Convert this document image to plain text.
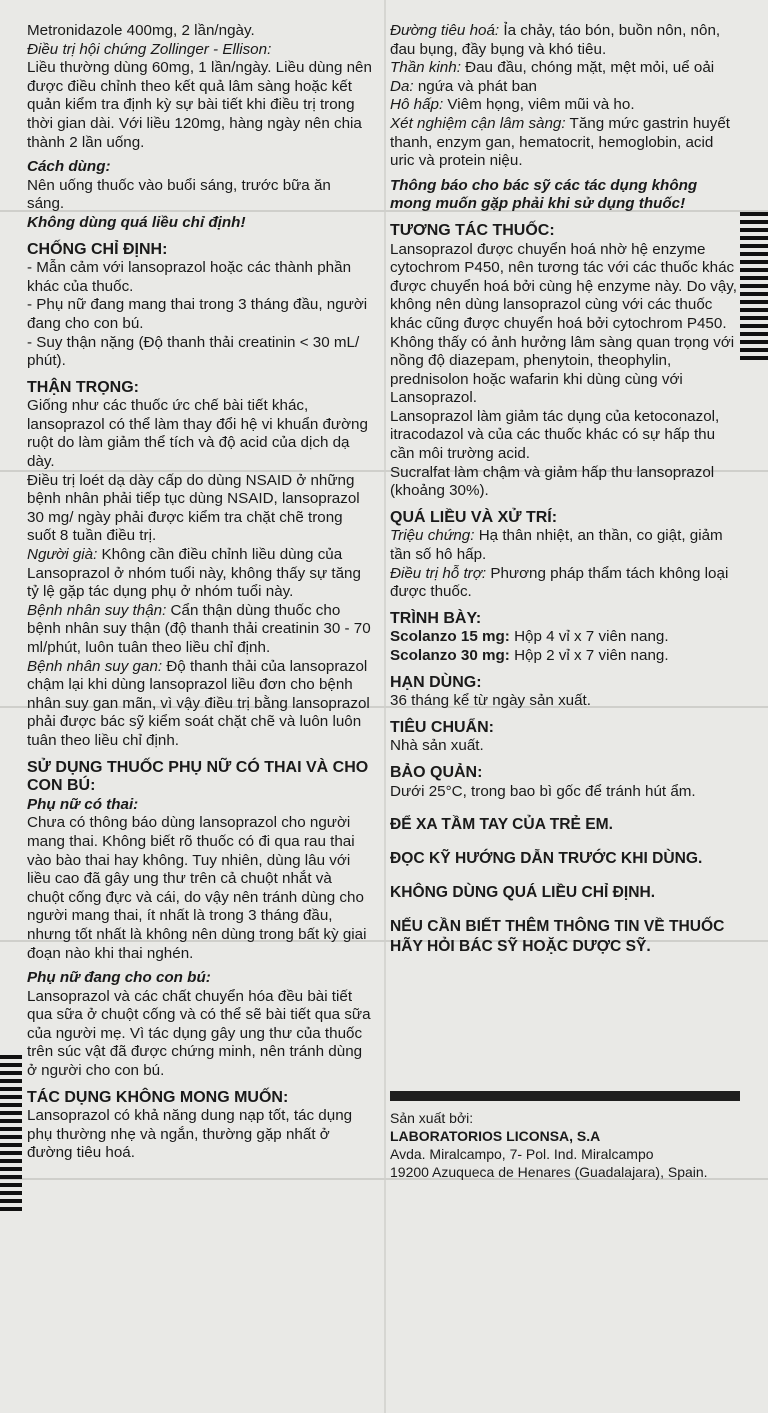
Metronidazole 400mg, 2 lần/ngày.

Điều trị hội chứng Zollinger - Ellison:

Liều thường dùng 60mg, 1 lần/ngày. Liều dùng nên được điều chỉnh theo kết quả lâm sàng hoặc kết quản kiểm tra định kỳ sự bài tiết khi điều trị trong thời gian dài. Với liều 120mg, hàng ngày nên chia thành 2 lần uống.

Cách dùng:

Nên uống thuốc vào buổi sáng, trước bữa ăn sáng.

Không dùng quá liều chỉ định!

CHỐNG CHỈ ĐỊNH:

- Mẫn cảm với lansoprazol hoặc các thành phần khác của thuốc.

- Phụ nữ đang mang thai trong 3 tháng đầu, người đang cho con bú.

- Suy thận nặng (Độ thanh thải creatinin < 30 mL/ phút).

THẬN TRỌNG:

Giống như các thuốc ức chế bài tiết khác, lansoprazol có thể làm thay đổi hệ vi khuẩn đường ruột do làm giảm thể tích và độ acid của dịch dạ dày.

Điều trị loét dạ dày cấp do dùng NSAID ở những bệnh nhân phải tiếp tục dùng NSAID, lansoprazol 30 mg/ ngày phải được kiểm tra chặt chẽ trong suốt 8 tuần điều trị.

Người già: Không cần điều chỉnh liều dùng của Lansoprazol ở nhóm tuổi này, không thấy sự tăng tỷ lệ gặp tác dụng phụ ở nhóm tuổi này.

Bệnh nhân suy thận: Cẩn thận dùng thuốc cho bệnh nhân suy thận (độ thanh thải creatinin 30 - 70 ml/phút, luôn tuân theo liều chỉ định.

Bệnh nhân suy gan: Độ thanh thải của lansoprazol chậm lại khi dùng lansoprazol liều đơn cho bệnh nhân suy gan mãn, vì vậy điều trị bằng lansoprazol phải được bác sỹ kiểm soát chặt chẽ và luôn luôn tuân theo liều chỉ định.

SỬ DỤNG THUỐC PHỤ NỮ CÓ THAI VÀ CHO CON BÚ:

Phụ nữ có thai:

Chưa có thông báo dùng lansoprazol cho người mang thai. Không biết rõ thuốc có đi qua rau thai vào bào thai hay không. Tuy nhiên, dùng lâu với liều cao đã gây ung thư trên cả chuột nhắt và chuột cống đực và cái, do vậy nên tránh dùng cho người mang thai, ít nhất là trong 3 tháng đầu, nhưng tốt nhất là không nên dùng trong bất kỳ giai đoạn nào khi thai nghén.

Phụ nữ đang cho con bú:

Lansoprazol và các chất chuyển hóa đều bài tiết qua sữa ở chuột cống và có thể sẽ bài tiết qua sữa của người mẹ. Vì tác dụng gây ung thư của thuốc trên súc vật đã được chứng minh, nên tránh dùng ở người cho con bú.

TÁC DỤNG KHÔNG MONG MUỐN:

Lansoprazol có khả năng dung nạp tốt, tác dụng phụ thường nhẹ và ngắn, thường gặp nhất ở đường tiêu hoá.

Đường tiêu hoá: Ỉa chảy, táo bón, buồn nôn, nôn, đau bụng, đầy bụng và khó tiêu.

Thần kinh: Đau đầu, chóng mặt, mệt mỏi, uể oải

Da: ngứa và phát ban

Hô hấp: Viêm họng, viêm mũi và ho.

Xét nghiệm cận lâm sàng: Tăng mức gastrin huyết thanh, enzym gan, hematocrit, hemoglobin, acid uric và protein niệu.

Thông báo cho bác sỹ các tác dụng không mong muốn gặp phải khi sử dụng thuốc!

TƯƠNG TÁC THUỐC:

Lansoprazol được chuyển hoá nhờ hệ enzyme cytochrom P450, nên tương tác với các thuốc khác được chuyển hoá bởi cùng hệ enzyme này. Do vậy, không nên dùng lansoprazol cùng với các thuốc khác cũng được chuyển hoá bởi cytochrom P450. Không thấy có ảnh hưởng lâm sàng quan trọng với nồng độ diazepam, phenytoin, theophylin, prednisolon hoặc wafarin khi dùng cùng với Lansoprazol.

Lansoprazol làm giảm tác dụng của ketoconazol, itracodazol và của các thuốc khác có sự hấp thu cần môi trường acid.

Sucralfat làm chậm và giảm hấp thu lansoprazol (khoảng 30%).

QUÁ LIỀU VÀ XỬ TRÍ:

Triệu chứng: Hạ thân nhiệt, an thần, co giật, giảm tần số hô hấp.

Điều trị hỗ trợ: Phương pháp thẩm tách không loại được thuốc.

TRÌNH BÀY:

Scolanzo 15 mg: Hộp 4 vỉ x 7 viên nang.

Scolanzo 30 mg: Hộp 2 vỉ x 7 viên nang.

HẠN DÙNG:

36 tháng kể từ ngày sản xuất.

TIÊU CHUẨN:

Nhà sản xuất.

BẢO QUẢN:

Dưới 25°C, trong bao bì gốc để tránh hút ẩm.

ĐỂ XA TẦM TAY CỦA TRẺ EM.

ĐỌC KỸ HƯỚNG DẪN TRƯỚC KHI DÙNG.

KHÔNG DÙNG QUÁ LIỀU CHỈ ĐỊNH.

NẾU CẦN BIẾT THÊM THÔNG TIN VỀ THUỐC HÃY HỎI BÁC SỸ HOẶC DƯỢC SỸ.

Sản xuất bởi:

LABORATORIOS LICONSA, S.A

Avda. Miralcampo, 7- Pol. Ind. Miralcampo

19200 Azuqueca de Henares (Guadalajara), Spain.
